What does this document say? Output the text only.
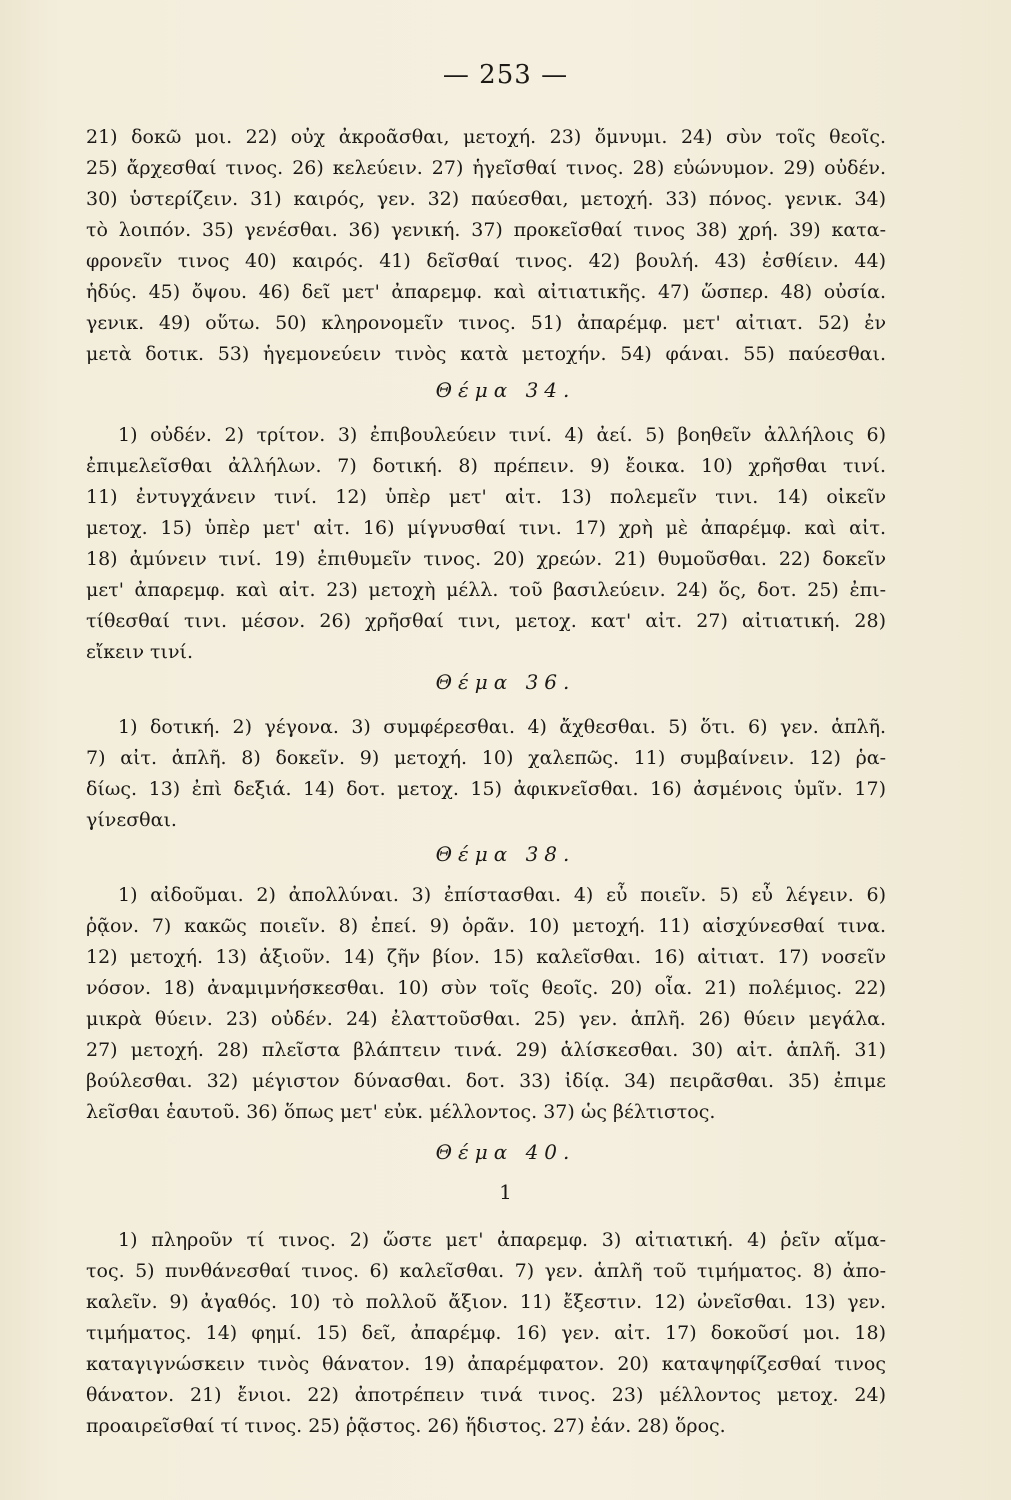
— 253 —
21) δοκῶ μοι. 22) οὐχ ἀκροᾶσθαι, μετοχή. 23) ὄμνυμι. 24) σὺν τοῖς θεοῖς.
25) ἄρχεσθαί τινος. 26) κελεύειν. 27) ἡγεῖσθαί τινος. 28) εὐώνυμον. 29) οὐδέν.
30) ὑστερίζειν. 31) καιρός, γεν. 32) παύεσθαι, μετοχή. 33) πόνος. γενικ. 34)
τὸ λοιπόν. 35) γενέσθαι. 36) γενική. 37) προκεῖσθαί τινος 38) χρή. 39) κατα-
φρονεῖν τινος 40) καιρός. 41) δεῖσθαί τινος. 42) βουλή. 43) ἐσθίειν. 44)
ἡδύς. 45) ὄψου. 46) δεῖ μετ' ἀπαρεμφ. καὶ αἰτιατικῆς. 47) ὥσπερ. 48) οὐσία.
γενικ. 49) οὕτω. 50) κληρονομεῖν τινος. 51) ἀπαρέμφ. μετ' αἰτιατ. 52) ἐν
μετὰ δοτικ. 53) ἡγεμονεύειν τινὸς κατὰ μετοχήν. 54) φάναι. 55) παύεσθαι.
Θέμα 34.
1) οὐδέν. 2) τρίτον. 3) ἐπιβουλεύειν τινί. 4) ἀεί. 5) βοηθεῖν ἀλλήλοις 6)
ἐπιμελεῖσθαι ἀλλήλων. 7) δοτική. 8) πρέπειν. 9) ἔοικα. 10) χρῆσθαι τινί.
11) ἐντυγχάνειν τινί. 12) ὑπὲρ μετ' αἰτ. 13) πολεμεῖν τινι. 14) οἰκεῖν
μετοχ. 15) ὑπὲρ μετ' αἰτ. 16) μίγνυσθαί τινι. 17) χρὴ μὲ ἀπαρέμφ. καὶ αἰτ.
18) ἀμύνειν τινί. 19) ἐπιθυμεῖν τινος. 20) χρεών. 21) θυμοῦσθαι. 22) δοκεῖν
μετ' ἀπαρεμφ. καὶ αἰτ. 23) μετοχὴ μέλλ. τοῦ βασιλεύειν. 24) ὅς, δοτ. 25) ἐπι-
τίθεσθαί τινι. μέσον. 26) χρῆσθαί τινι, μετοχ. κατ' αἰτ. 27) αἰτιατική. 28)
εἴκειν τινί.
Θέμα 36.
1) δοτική. 2) γέγονα. 3) συμφέρεσθαι. 4) ἄχθεσθαι. 5) ὅτι. 6) γεν. ἁπλῆ.
7) αἰτ. ἁπλῆ. 8) δοκεῖν. 9) μετοχή. 10) χαλεπῶς. 11) συμβαίνειν. 12) ῥα-
δίως. 13) ἐπὶ δεξιά. 14) δοτ. μετοχ. 15) ἀφικνεῖσθαι. 16) ἀσμένοις ὑμῖν. 17)
γίνεσθαι.
Θέμα 38.
1) αἰδοῦμαι. 2) ἀπολλύναι. 3) ἐπίστασθαι. 4) εὖ ποιεῖν. 5) εὖ λέγειν. 6)
ῥᾷον. 7) κακῶς ποιεῖν. 8) ἐπεί. 9) ὁρᾶν. 10) μετοχή. 11) αἰσχύνεσθαί τινα.
12) μετοχή. 13) ἀξιοῦν. 14) ζῆν βίον. 15) καλεῖσθαι. 16) αἰτιατ. 17) νοσεῖν
νόσον. 18) ἀναμιμνήσκεσθαι. 10) σὺν τοῖς θεοῖς. 20) οἷα. 21) πολέμιος. 22)
μικρὰ θύειν. 23) οὐδέν. 24) ἐλαττοῦσθαι. 25) γεν. ἁπλῆ. 26) θύειν μεγάλα.
27) μετοχή. 28) πλεῖστα βλάπτειν τινά. 29) ἁλίσκεσθαι. 30) αἰτ. ἁπλῆ. 31)
βούλεσθαι. 32) μέγιστον δύνασθαι. δοτ. 33) ἰδίᾳ. 34) πειρᾶσθαι. 35) ἐπιμε
λεῖσθαι ἑαυτοῦ. 36) ὅπως μετ' εὐκ. μέλλοντος. 37) ὡς βέλτιστος.
Θέμα 40.
1
1) πληροῦν τί τινος. 2) ὥστε μετ' ἀπαρεμφ. 3) αἰτιατική. 4) ῥεῖν αἵμα-
τος. 5) πυνθάνεσθαί τινος. 6) καλεῖσθαι. 7) γεν. ἁπλῆ τοῦ τιμήματος. 8) ἀπο-
καλεῖν. 9) ἀγαθός. 10) τὸ πολλοῦ ἄξιον. 11) ἔξεστιν. 12) ὠνεῖσθαι. 13) γεν.
τιμήματος. 14) φημί. 15) δεῖ, ἀπαρέμφ. 16) γεν. αἰτ. 17) δοκοῦσί μοι. 18)
καταγιγνώσκειν τινὸς θάνατον. 19) ἀπαρέμφατον. 20) καταψηφίζεσθαί τινος
θάνατον. 21) ἔνιοι. 22) ἀποτρέπειν τινά τινος. 23) μέλλοντος μετοχ. 24)
προαιρεῖσθαί τί τινος. 25) ῥᾷστος. 26) ἥδιστος. 27) ἐάν. 28) ὅρος.
